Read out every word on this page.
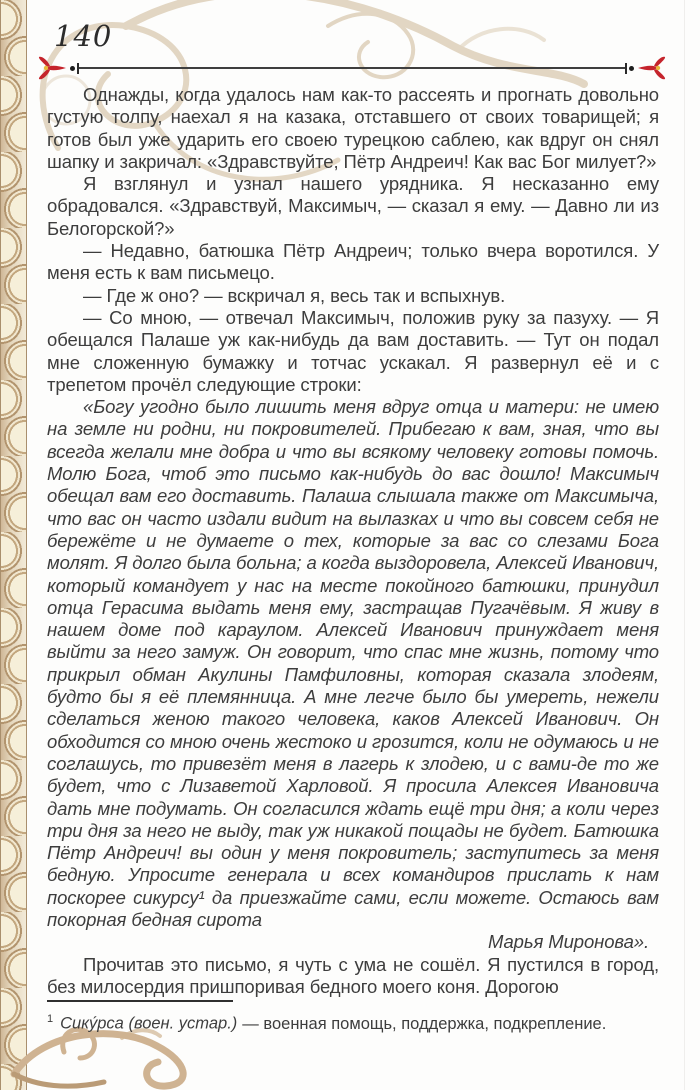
140

Однажды, когда удалось нам как-то рассеять и прогнать довольно густую толпу, наехал я на казака, отставшего от своих товарищей; я готов был уже ударить его своею турецкою саблею, как вдруг он снял шапку и закричал: «Здравствуйте, Пётр Андреич! Как вас Бог милует?»

Я взглянул и узнал нашего урядника. Я несказанно ему обрадовался. «Здравствуй, Максимыч, — сказал я ему. — Давно ли из Белогорской?»

— Недавно, батюшка Пётр Андреич; только вчера воротился. У меня есть к вам письмецо.

— Где ж оно? — вскричал я, весь так и вспыхнув.

— Со мною, — отвечал Максимыч, положив руку за пазуху. — Я обещался Палаше уж как-нибудь да вам доставить. — Тут он подал мне сложенную бумажку и тотчас ускакал. Я развернул её и с трепетом прочёл следующие строки:

«Богу угодно было лишить меня вдруг отца и матери: не имею на земле ни родни, ни покровителей. Прибегаю к вам, зная, что вы всегда желали мне добра и что вы всякому человеку готовы помочь. Молю Бога, чтоб это письмо как-нибудь до вас дошло! Максимыч обещал вам его доставить. Палаша слышала также от Максимыча, что вас он часто издали видит на вылазках и что вы совсем себя не бережёте и не думаете о тех, которые за вас со слезами Бога молят. Я долго была больна; а когда выздоровела, Алексей Иванович, который командует у нас на месте покойного батюшки, принудил отца Герасима выдать меня ему, застращав Пугачёвым. Я живу в нашем доме под караулом. Алексей Иванович принуждает меня выйти за него замуж. Он говорит, что спас мне жизнь, потому что прикрыл обман Акулины Памфиловны, которая сказала злодеям, будто бы я её племянница. А мне легче было бы умереть, нежели сделаться женою такого человека, каков Алексей Иванович. Он обходится со мною очень жестоко и грозится, коли не одумаюсь и не соглашусь, то привезёт меня в лагерь к злодею, и с вами-де то же будет, что с Лизаветой Харловой. Я просила Алексея Ивановича дать мне подумать. Он согласился ждать ещё три дня; а коли через три дня за него не выду, так уж никакой пощады не будет. Батюшка Пётр Андреич! вы один у меня покровитель; заступитесь за меня бедную. Упросите генерала и всех командиров прислать к нам поскорее сикурсу¹ да приезжайте сами, если можете. Остаюсь вам покорная бедная сирота

Марья Миронова».

Прочитав это письмо, я чуть с ума не сошёл. Я пустился в город, без милосердия пришпоривая бедного моего коня. Дорогою

$^1$ Сику́рса (воен. устар.) — военная помощь, поддержка, подкрепление.
